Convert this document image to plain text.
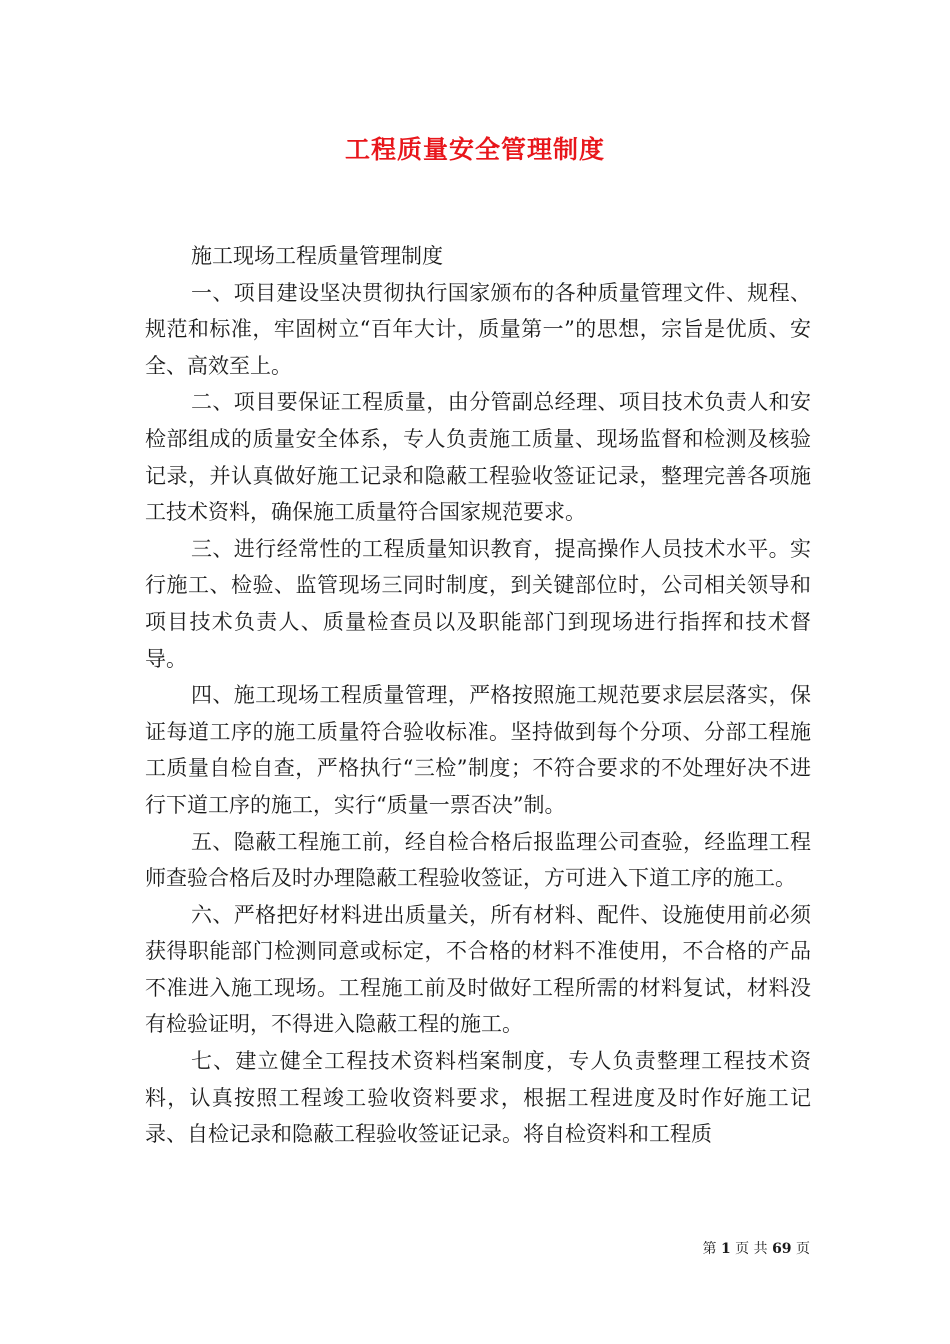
工程质量安全管理制度

施工现场工程质量管理制度

一、项目建设坚决贯彻执行国家颁布的各种质量管理文件、规程、规范和标准，牢固树立“百年大计，质量第一”的思想，宗旨是优质、安全、高效至上。

二、项目要保证工程质量，由分管副总经理、项目技术负责人和安检部组成的质量安全体系，专人负责施工质量、现场监督和检测及核验记录，并认真做好施工记录和隐蔽工程验收签证记录，整理完善各项施工技术资料，确保施工质量符合国家规范要求。

三、进行经常性的工程质量知识教育，提高操作人员技术水平。实行施工、检验、监管现场三同时制度，到关键部位时，公司相关领导和项目技术负责人、质量检查员以及职能部门到现场进行指挥和技术督导。

四、施工现场工程质量管理，严格按照施工规范要求层层落实，保证每道工序的施工质量符合验收标准。坚持做到每个分项、分部工程施工质量自检自查，严格执行“三检”制度；不符合要求的不处理好决不进行下道工序的施工，实行“质量一票否决”制。

五、隐蔽工程施工前，经自检合格后报监理公司查验，经监理工程师查验合格后及时办理隐蔽工程验收签证，方可进入下道工序的施工。

六、严格把好材料进出质量关，所有材料、配件、设施使用前必须获得职能部门检测同意或标定，不合格的材料不准使用，不合格的产品不准进入施工现场。工程施工前及时做好工程所需的材料复试，材料没有检验证明，不得进入隐蔽工程的施工。

七、建立健全工程技术资料档案制度，专人负责整理工程技术资料，认真按照工程竣工验收资料要求，根据工程进度及时作好施工记录、自检记录和隐蔽工程验收签证记录。将自检资料和工程质

第 1 页 共 69 页
